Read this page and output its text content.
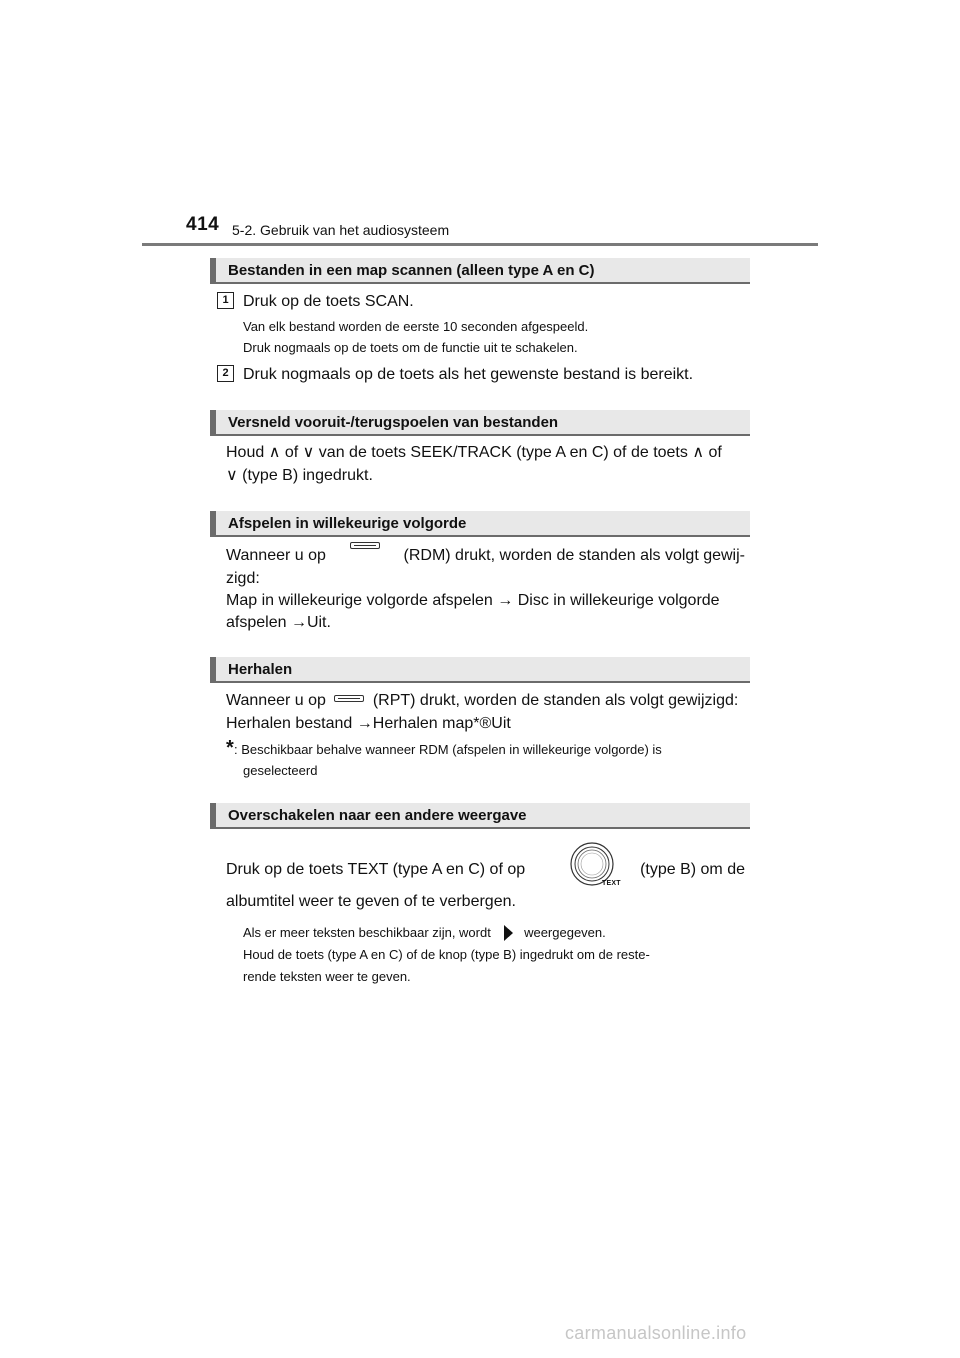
414 5-2. Gebruik van het audiosysteem
Bestanden in een map scannen (alleen type A en C)
1 Druk op de toets SCAN.
Van elk bestand worden de eerste 10 seconden afgespeeld.
Druk nogmaals op de toets om de functie uit te schakelen.
2 Druk nogmaals op de toets als het gewenste bestand is bereikt.
Versneld vooruit-/terugspoelen van bestanden
Houd ∧ of ∨ van de toets SEEK/TRACK (type A en C) of de toets ∧ of
∨ (type B) ingedrukt.
Afspelen in willekeurige volgorde
Wanneer u op	(RDM) drukt, worden de standen als volgt gewij-
zigd:
Map in willekeurige volgorde afspelen → Disc in willekeurige volgorde
afspelen →Uit.
Herhalen
Wanneer u op	(RPT) drukt, worden de standen als volgt gewijzigd:
Herhalen bestand →Herhalen map*®Uit
* : Beschikbaar behalve wanneer RDM (afspelen in willekeurige volgorde) is
geselecteerd
Overschakelen naar een andere weergave
Druk op de toets TEXT (type A en C) of op	(type B) om de
TEXT
albumtitel weer te geven of te verbergen.
Als er meer teksten beschikbaar zijn, wordt	weergegeven.
Houd de toets (type A en C) of de knop (type B) ingedrukt om de reste-
rende teksten weer te geven.
carmanualsonline.info
